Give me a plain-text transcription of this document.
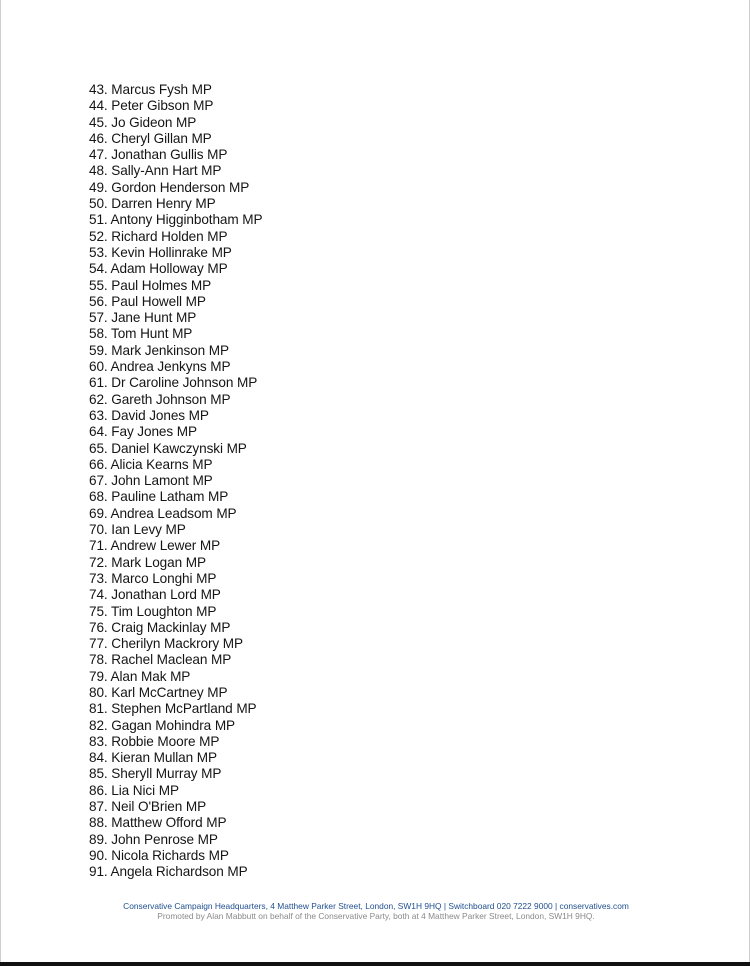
43. Marcus Fysh MP
44. Peter Gibson MP
45. Jo Gideon MP
46. Cheryl Gillan MP
47. Jonathan Gullis MP
48. Sally-Ann Hart MP
49. Gordon Henderson MP
50. Darren Henry MP
51. Antony Higginbotham MP
52. Richard Holden MP
53. Kevin Hollinrake MP
54. Adam Holloway MP
55. Paul Holmes MP
56. Paul Howell MP
57. Jane Hunt MP
58. Tom Hunt MP
59. Mark Jenkinson MP
60. Andrea Jenkyns MP
61. Dr Caroline Johnson MP
62. Gareth Johnson MP
63. David Jones MP
64. Fay Jones MP
65. Daniel Kawczynski MP
66. Alicia Kearns MP
67. John Lamont MP
68. Pauline Latham MP
69. Andrea Leadsom MP
70. Ian Levy MP
71. Andrew Lewer MP
72. Mark Logan MP
73. Marco Longhi MP
74. Jonathan Lord MP
75. Tim Loughton MP
76. Craig Mackinlay MP
77. Cherilyn Mackrory MP
78. Rachel Maclean MP
79. Alan Mak MP
80. Karl McCartney MP
81. Stephen McPartland MP
82. Gagan Mohindra MP
83. Robbie Moore MP
84. Kieran Mullan MP
85. Sheryll Murray MP
86. Lia Nici MP
87. Neil O'Brien MP
88. Matthew Offord MP
89. John Penrose MP
90. Nicola Richards MP
91. Angela Richardson MP
Conservative Campaign Headquarters, 4 Matthew Parker Street, London, SW1H 9HQ | Switchboard 020 7222 9000 | conservatives.com
Promoted by Alan Mabbutt on behalf of the Conservative Party, both at 4 Matthew Parker Street, London, SW1H 9HQ.
